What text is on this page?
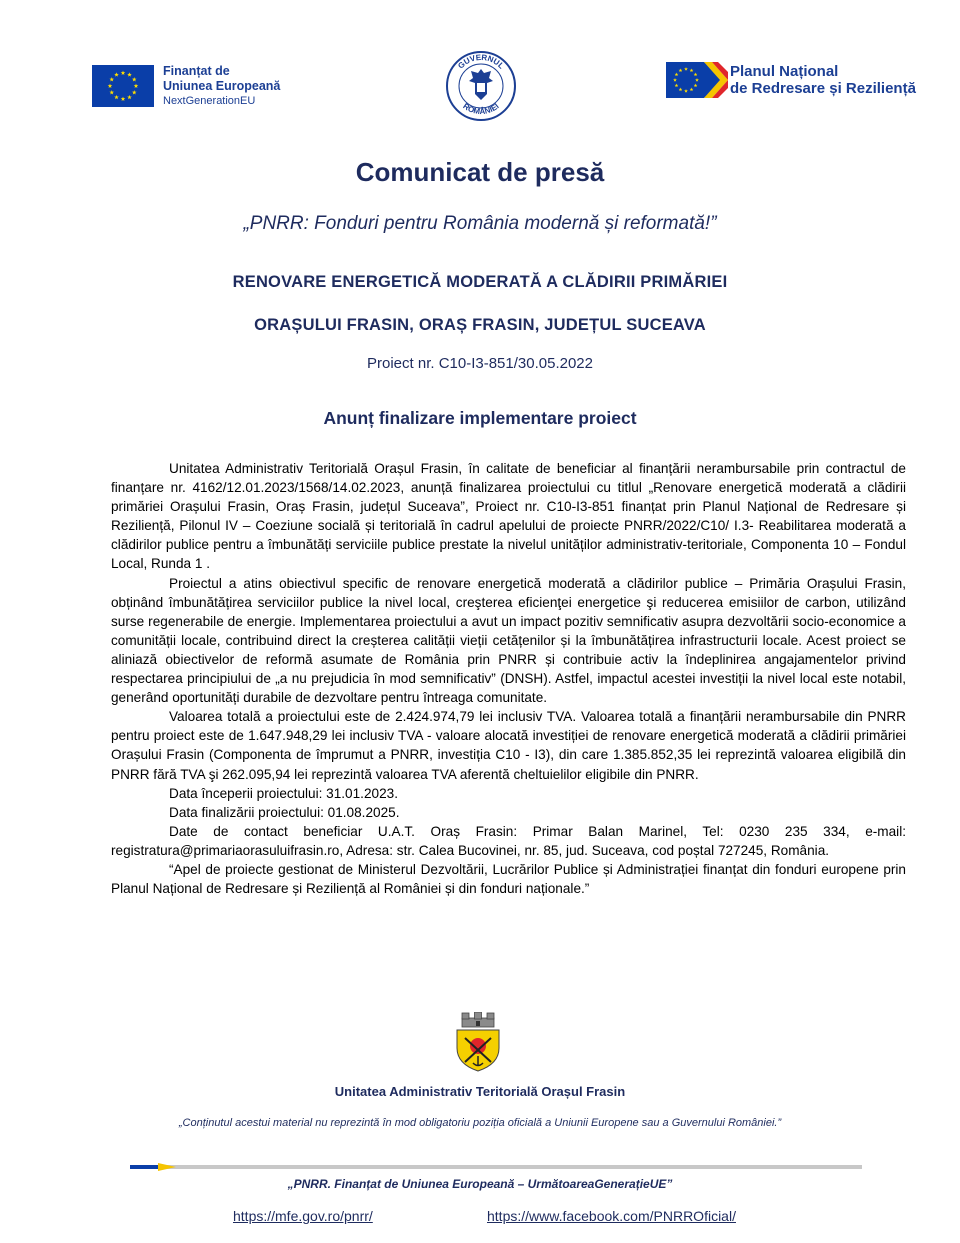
Finanțat de
Uniunea Europeană
NextGenerationEU
GUVERNUL
ROMÂNIEI
Planul Național
de Redresare și Reziliență
Comunicat de presă
„PNRR: Fonduri pentru România modernă și reformată!”
RENOVARE ENERGETICĂ MODERATĂ A CLĂDIRII PRIMĂRIEI
ORAȘULUI FRASIN, ORAȘ FRASIN, JUDEȚUL SUCEAVA
Proiect nr. C10-I3-851/30.05.2022
Anunț finalizare implementare proiect

Unitatea Administrativ Teritorială Orașul Frasin, în calitate de beneficiar al finanțării nerambursabile prin contractul de finanțare nr. 4162/12.01.2023/1568/14.02.2023, anunță finalizarea proiectului cu titlul „Renovare energetică moderată a clădirii primăriei Orașului Frasin, Oraș Frasin, județul Suceava”, Proiect nr. C10-I3-851 finanțat prin Planul Național de Redresare și Reziliență, Pilonul IV – Coeziune socială și teritorială în cadrul apelului de proiecte PNRR/2022/C10/ I.3- Reabilitarea moderată a clădirilor publice pentru a îmbunătăți serviciile publice prestate la nivelul unităților administrativ-teritoriale, Componenta 10 – Fondul Local, Runda 1 .

Proiectul a atins obiectivul specific de renovare energetică moderată a clădirilor publice – Primăria Orașului Frasin, obținând îmbunătățirea serviciilor publice la nivel local, creşterea eficienţei energetice şi reducerea emisiilor de carbon, utilizând surse regenerabile de energie. Implementarea proiectului a avut un impact pozitiv semnificativ asupra dezvoltării socio-economice a comunității locale, contribuind direct la creșterea calității vieții cetățenilor și la îmbunătățirea infrastructurii locale. Acest proiect se aliniază obiectivelor de reformă asumate de România prin PNRR și contribuie activ la îndeplinirea angajamentelor privind respectarea principiului de „a nu prejudicia în mod semnificativ” (DNSH). Astfel, impactul acestei investiții la nivel local este notabil, generând oportunități durabile de dezvoltare pentru întreaga comunitate.

Valoarea totală a proiectului este de 2.424.974,79 lei inclusiv TVA. Valoarea totală a finanțării nerambursabile din PNRR pentru proiect este de 1.647.948,29 lei inclusiv TVA - valoare alocată investiției de renovare energetică moderată a clădirii primăriei Orașului Frasin (Componenta de împrumut a PNRR, investiția C10 - I3), din care 1.385.852,35 lei reprezintă valoarea eligibilă din PNRR fără TVA şi 262.095,94 lei reprezintă valoarea TVA aferentă cheltuielilor eligibile din PNRR.

Data începerii proiectului: 31.01.2023.

Data finalizării proiectului: 01.08.2025.

Date de contact beneficiar U.A.T. Oraș Frasin: Primar Balan Marinel, Tel: 0230 235 334, e-mail: registratura@primariaorasuluifrasin.ro, Adresa: str. Calea Bucovinei, nr. 85, jud. Suceava, cod poștal 727245, România.

“Apel de proiecte gestionat de Ministerul Dezvoltării, Lucrărilor Publice și Administrației finanțat din fonduri europene prin Planul Național de Redresare și Reziliență al României și din fonduri naționale.”

Unitatea Administrativ Teritorială Orașul Frasin
„Conținutul acestui material nu reprezintă în mod obligatoriu poziția oficială a Uniunii Europene sau a Guvernului României.”
„PNRR. Finanțat de Uniunea Europeană – UrmătoareaGenerațieUE”
https://mfe.gov.ro/pnrr/	https://www.facebook.com/PNRROficial/
